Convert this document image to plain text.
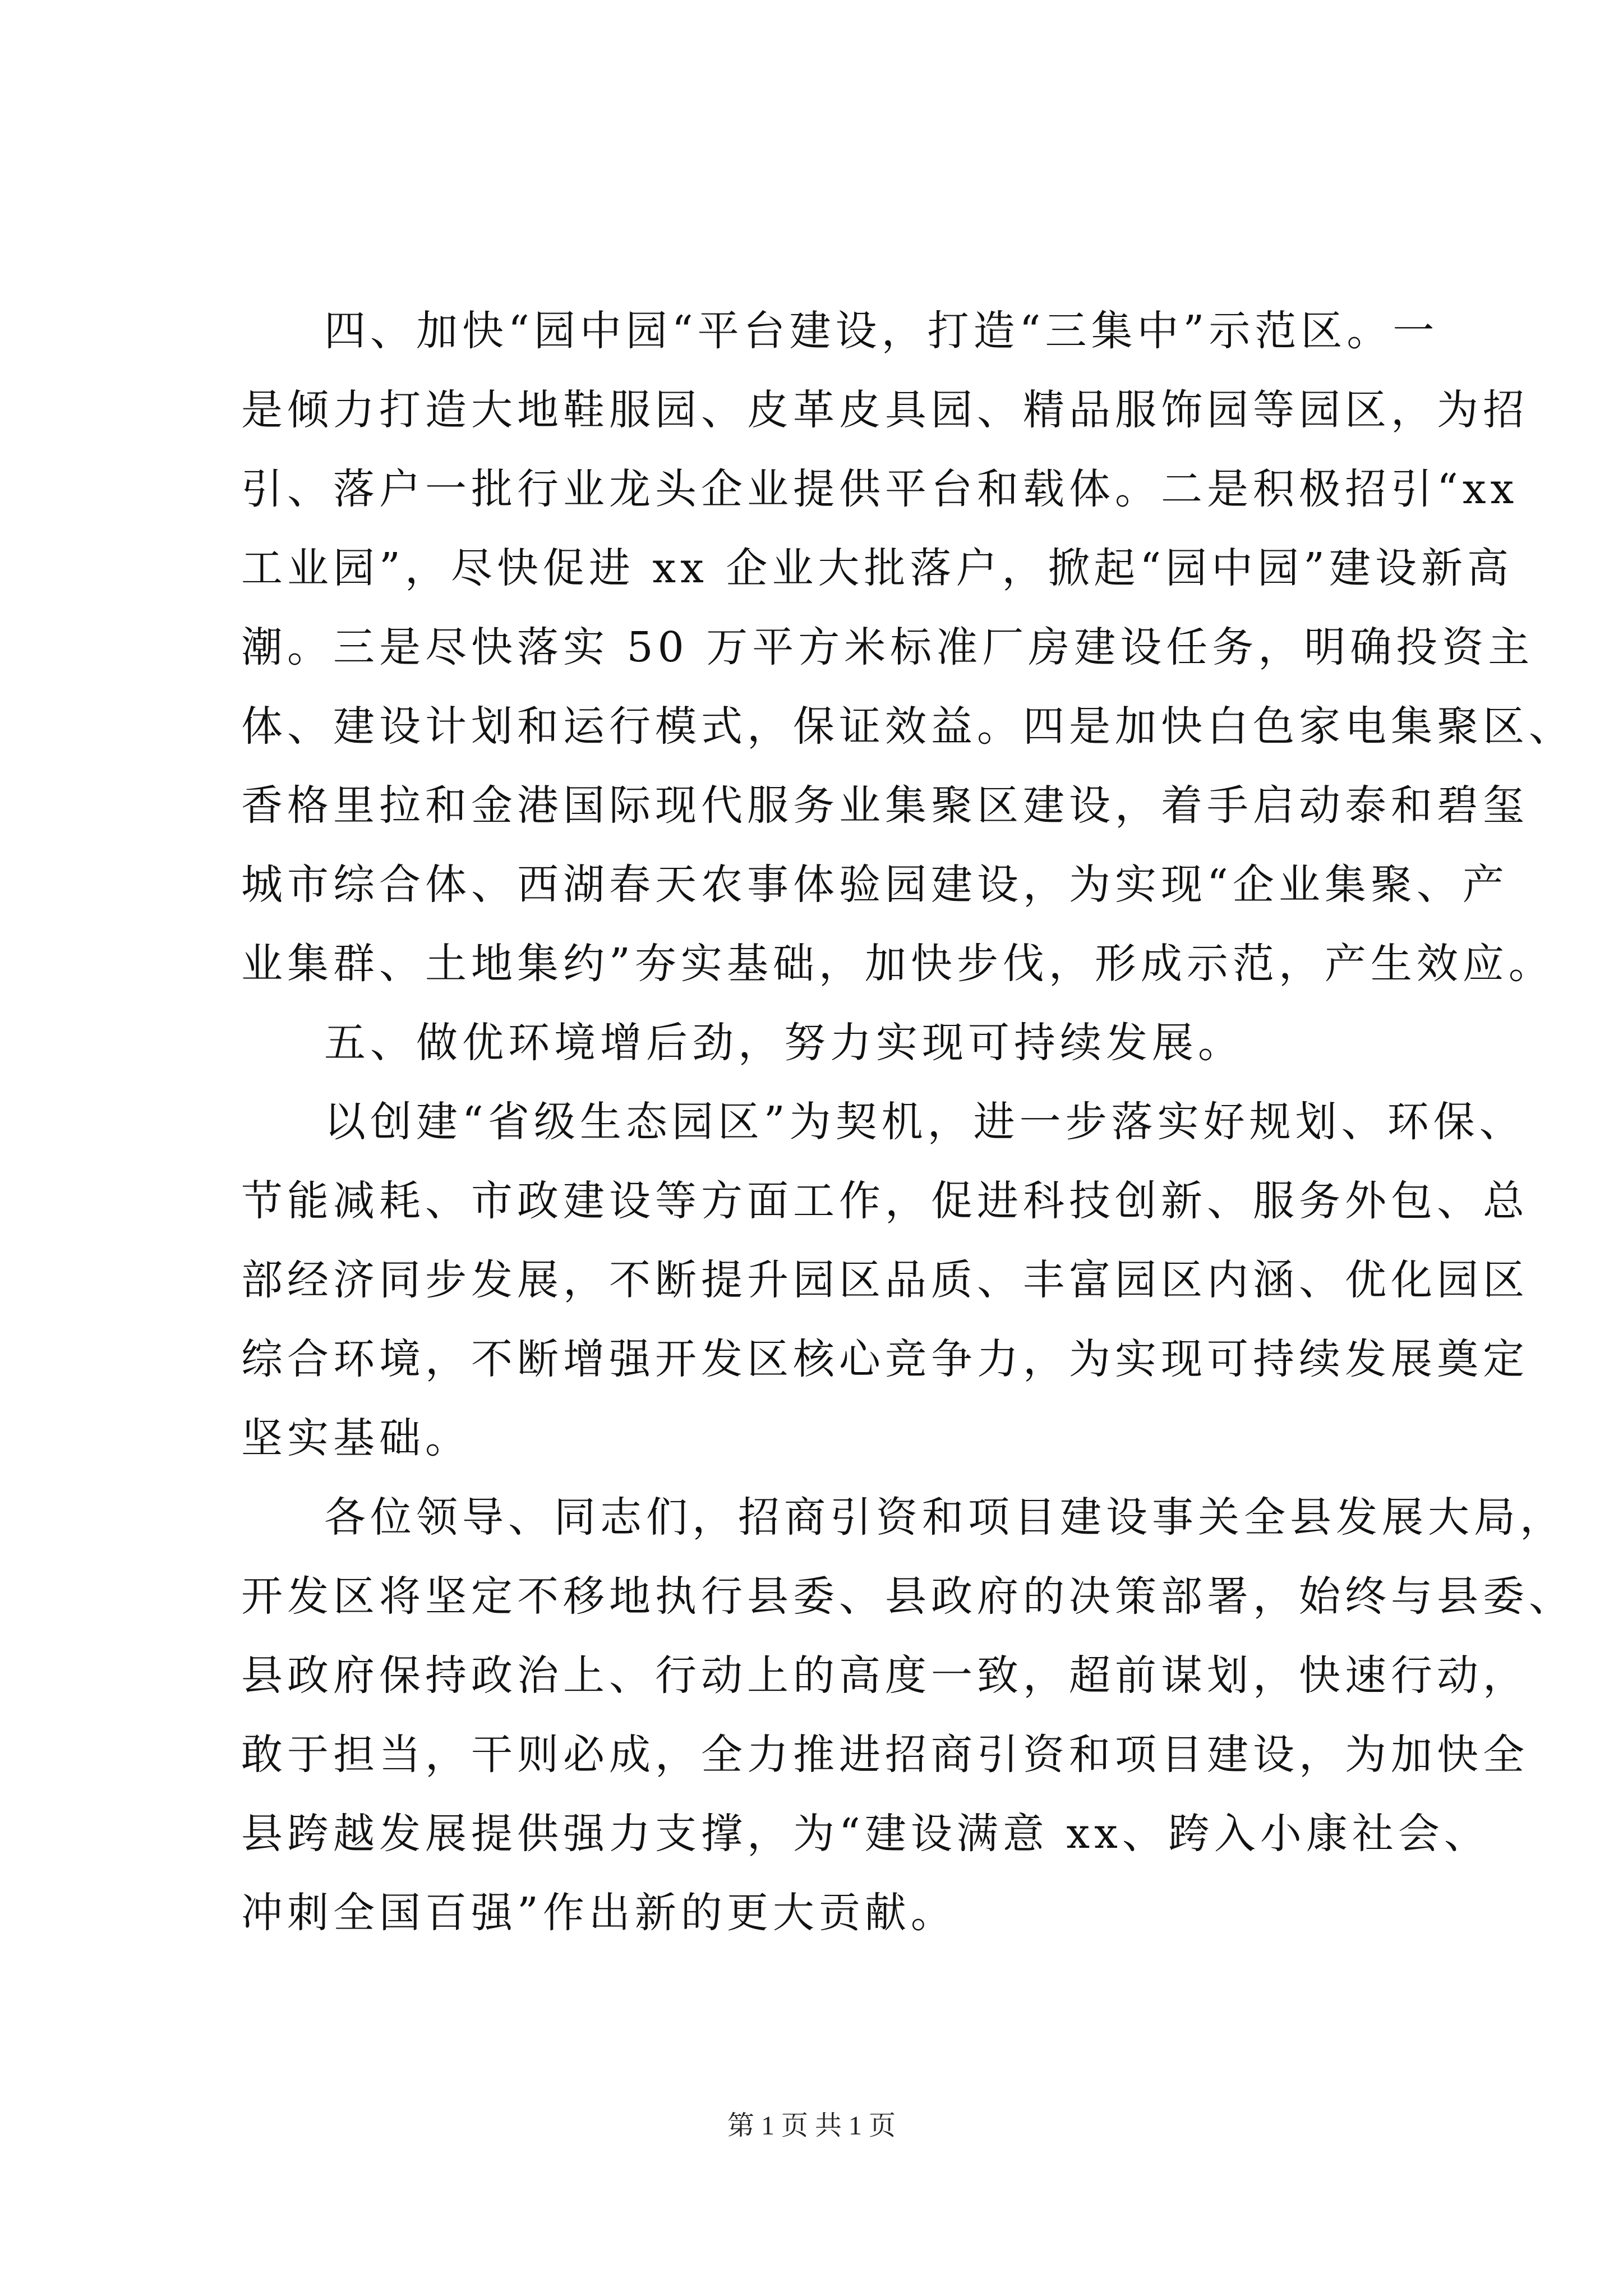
四、加快“园中园“平台建设，打造“三集中”示范区。一
是倾力打造大地鞋服园、皮革皮具园、精品服饰园等园区，为招
引、落户一批行业龙头企业提供平台和载体。二是积极招引“xx
工业园”，尽快促进 xx 企业大批落户，掀起“园中园”建设新高
潮。三是尽快落实 50 万平方米标准厂房建设任务，明确投资主
体、建设计划和运行模式，保证效益。四是加快白色家电集聚区、
香格里拉和金港国际现代服务业集聚区建设，着手启动泰和碧玺
城市综合体、西湖春天农事体验园建设，为实现“企业集聚、产
业集群、土地集约”夯实基础，加快步伐，形成示范，产生效应。
五、做优环境增后劲，努力实现可持续发展。
以创建“省级生态园区”为契机，进一步落实好规划、环保、
节能减耗、市政建设等方面工作，促进科技创新、服务外包、总
部经济同步发展，不断提升园区品质、丰富园区内涵、优化园区
综合环境，不断增强开发区核心竞争力，为实现可持续发展奠定
坚实基础。
各位领导、同志们，招商引资和项目建设事关全县发展大局，
开发区将坚定不移地执行县委、县政府的决策部署，始终与县委、
县政府保持政治上、行动上的高度一致，超前谋划，快速行动，
敢于担当，干则必成，全力推进招商引资和项目建设，为加快全
县跨越发展提供强力支撑，为“建设满意 xx、跨入小康社会、
冲刺全国百强”作出新的更大贡献。
第 1 页 共 1 页
